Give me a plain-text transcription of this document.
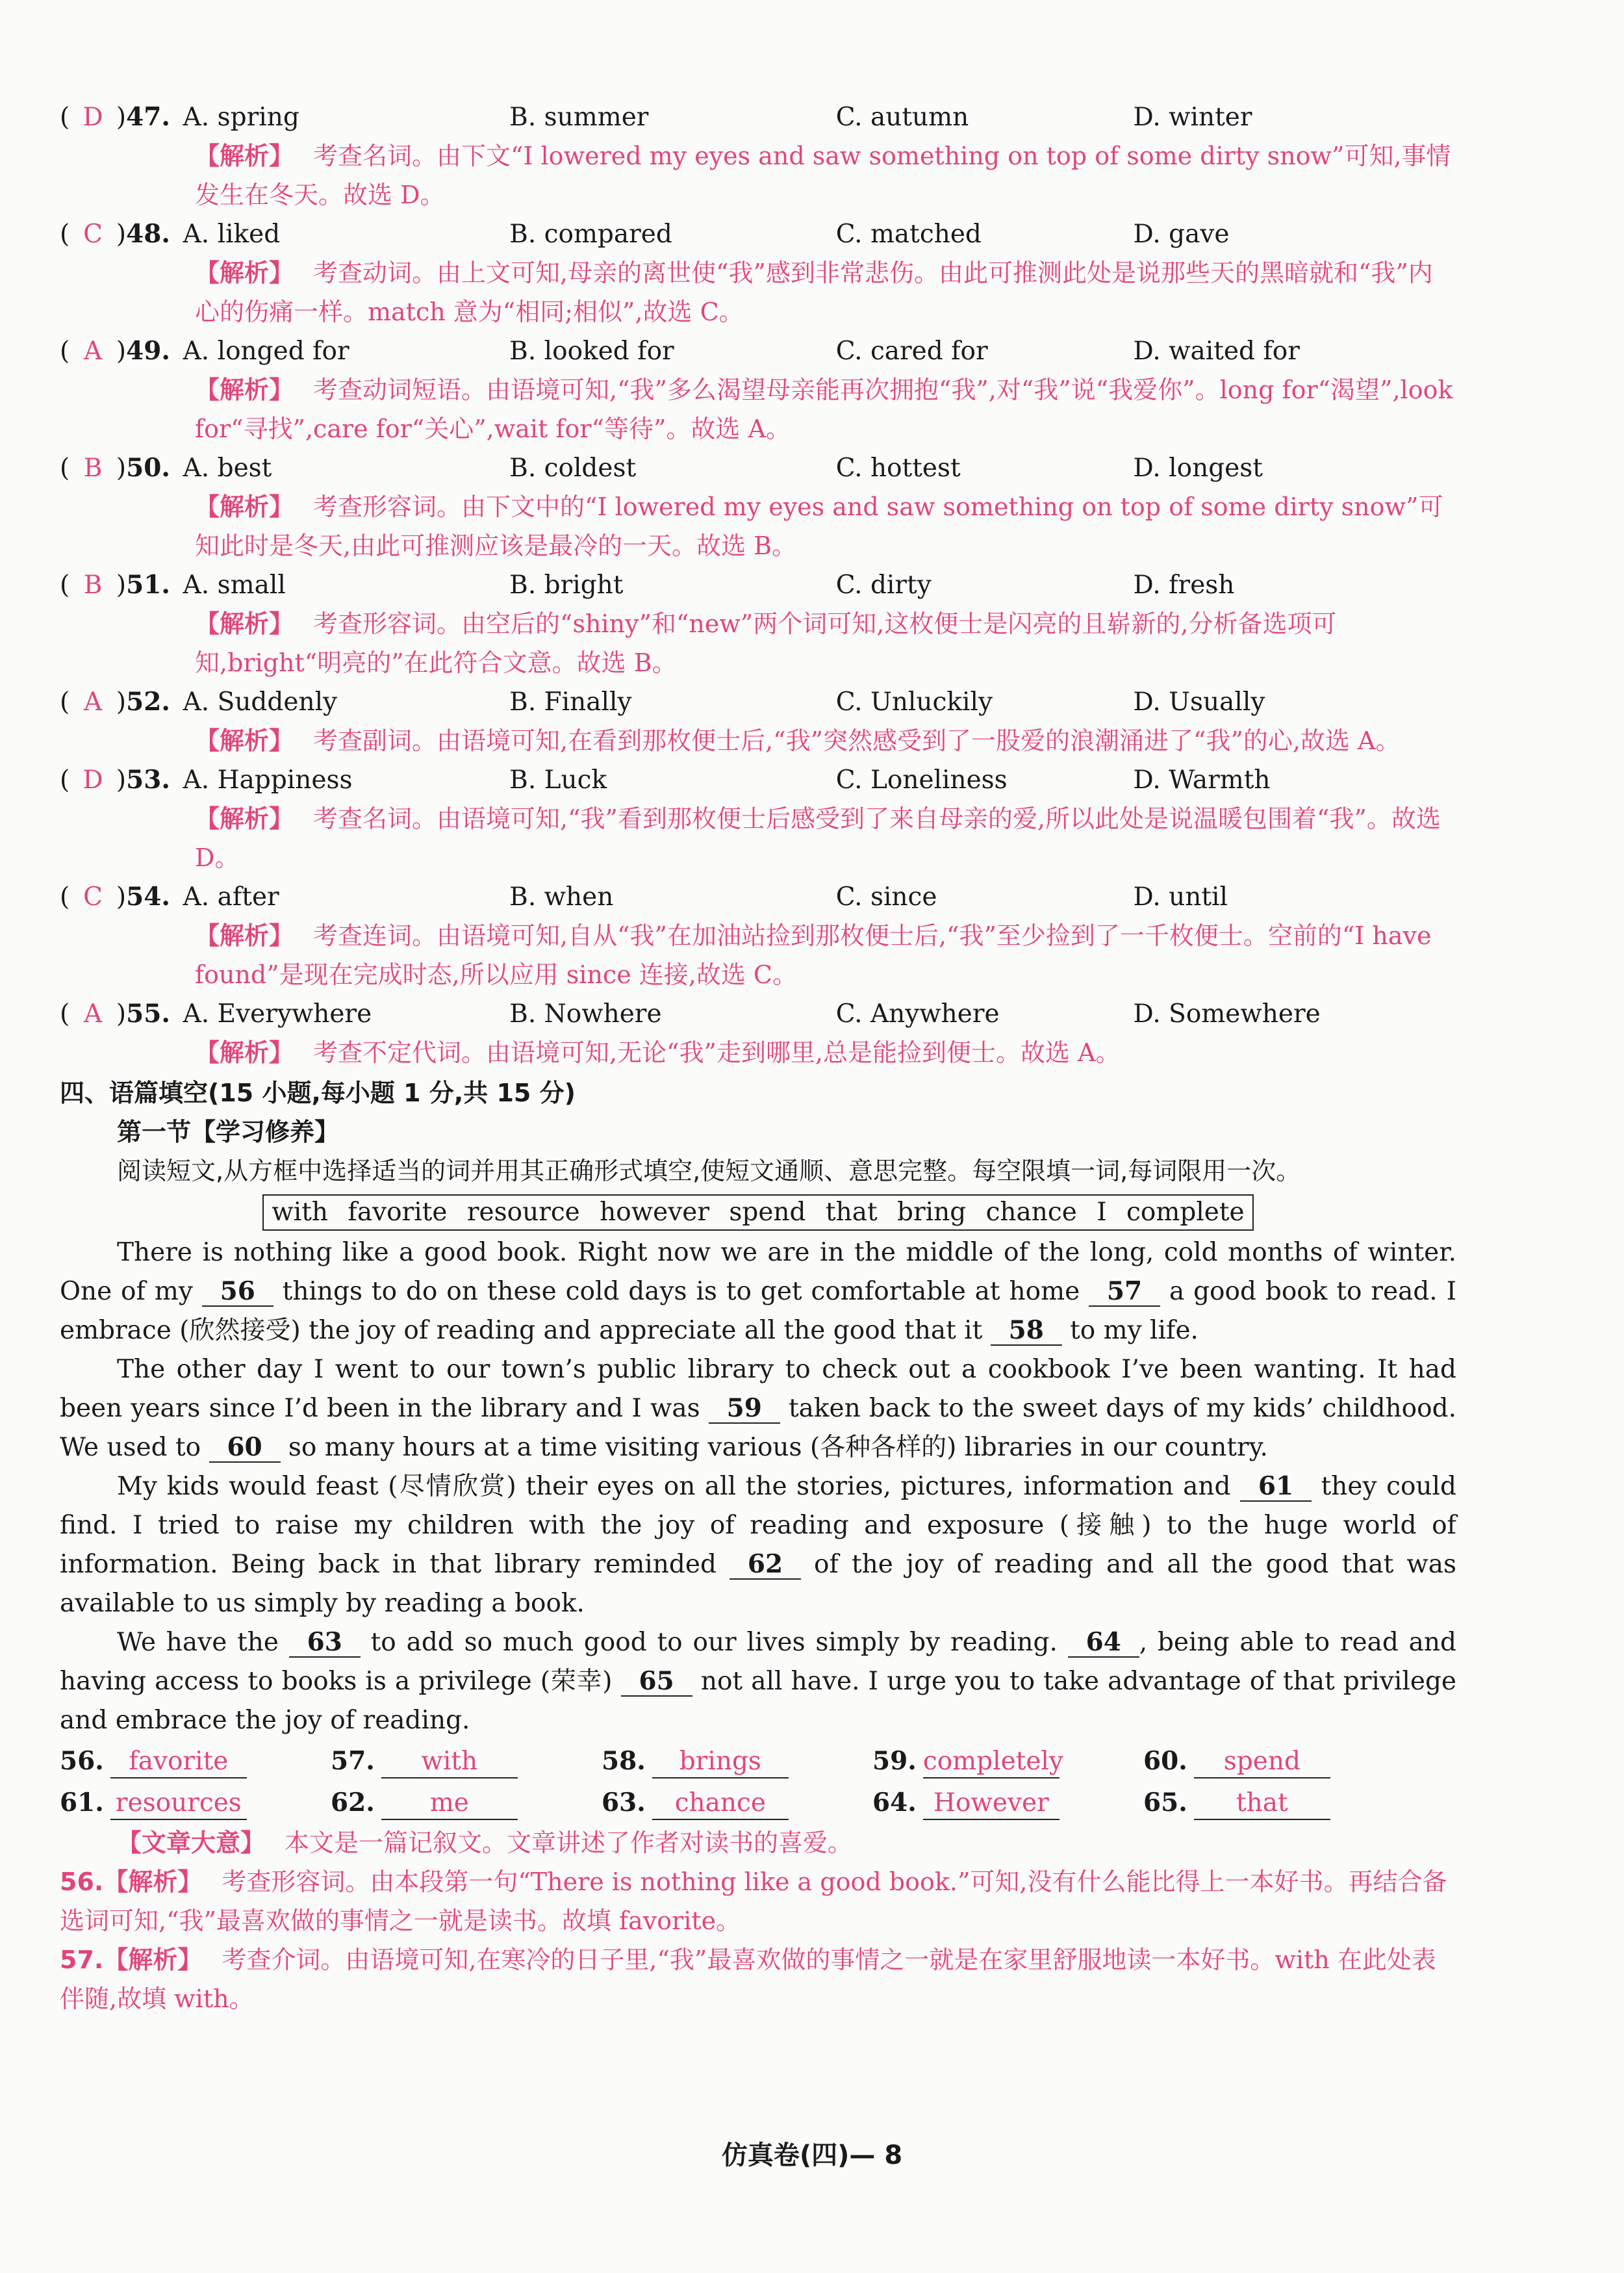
( D ) 47. A. spring	B. summer	C. autumn	D. winter
【解析】 考查名词。由下文“I lowered my eyes and saw something on top of some dirty snow”可知,事情发生在冬天。故选 D。
( C ) 48. A. liked	B. compared	C. matched	D. gave
【解析】 考查动词。由上文可知,母亲的离世使“我”感到非常悲伤。由此可推测此处是说那些天的黑暗就和“我”内心的伤痛一样。match 意为“相同;相似”,故选 C。
( A ) 49. A. longed for	B. looked for	C. cared for	D. waited for
【解析】 考查动词短语。由语境可知,“我”多么渴望母亲能再次拥抱“我”,对“我”说“我爱你”。long for“渴望”,look for“寻找”,care for“关心”,wait for“等待”。故选 A。
( B ) 50. A. best	B. coldest	C. hottest	D. longest
【解析】 考查形容词。由下文中的“I lowered my eyes and saw something on top of some dirty snow”可知此时是冬天,由此可推测应该是最冷的一天。故选 B。
( B ) 51. A. small	B. bright	C. dirty	D. fresh
【解析】 考查形容词。由空后的“shiny”和“new”两个词可知,这枚便士是闪亮的且崭新的,分析备选项可知,bright“明亮的”在此符合文意。故选 B。
( A ) 52. A. Suddenly	B. Finally	C. Unluckily	D. Usually
【解析】 考查副词。由语境可知,在看到那枚便士后,“我”突然感受到了一股爱的浪潮涌进了“我”的心,故选 A。
( D ) 53. A. Happiness	B. Luck	C. Loneliness	D. Warmth
【解析】 考查名词。由语境可知,“我”看到那枚便士后感受到了来自母亲的爱,所以此处是说温暖包围着“我”。故选 D。
( C ) 54. A. after	B. when	C. since	D. until
【解析】 考查连词。由语境可知,自从“我”在加油站捡到那枚便士后,“我”至少捡到了一千枚便士。空前的“I have found”是现在完成时态,所以应用 since 连接,故选 C。
( A ) 55. A. Everywhere	B. Nowhere	C. Anywhere	D. Somewhere
【解析】 考查不定代词。由语境可知,无论“我”走到哪里,总是能捡到便士。故选 A。
四、语篇填空(15 小题,每小题 1 分,共 15 分)
第一节【学习修养】
阅读短文,从方框中选择适当的词并用其正确形式填空,使短文通顺、意思完整。每空限填一词,每词限用一次。
with favorite resource however spend that bring chance I complete

There is nothing like a good book. Right now we are in the middle of the long, cold months of winter. One of my 56 things to do on these cold days is to get comfortable at home 57 a good book to read. I embrace (欣然接受) the joy of reading and appreciate all the good that it 58 to my life.

The other day I went to our town’s public library to check out a cookbook I’ve been wanting. It had been years since I’d been in the library and I was 59 taken back to the sweet days of my kids’ childhood. We used to 60 so many hours at a time visiting various (各种各样的) libraries in our country.

My kids would feast (尽情欣赏) their eyes on all the stories, pictures, information and 61 they could find. I tried to raise my children with the joy of reading and exposure (接触) to the huge world of information. Being back in that library reminded 62 of the joy of reading and all the good that was available to us simply by reading a book.

We have the 63 to add so much good to our lives simply by reading. 64 , being able to read and having access to books is a privilege (荣幸) 65 not all have. I urge you to take advantage of that privilege and embrace the joy of reading.

56. favorite	57.	with	58.	brings	59. completely	60.	spend
61. resources	62.	me	63.	chance	64. However	65.	that
【文章大意】 本文是一篇记叙文。文章讲述了作者对读书的喜爱。
56.【解析】 考查形容词。由本段第一句“There is nothing like a good book.”可知,没有什么能比得上一本好书。再结合备选词可知,“我”最喜欢做的事情之一就是读书。故填 favorite。
57.【解析】 考查介词。由语境可知,在寒冷的日子里,“我”最喜欢做的事情之一就是在家里舒服地读一本好书。with 在此处表伴随,故填 with。
仿真卷(四)— 8
